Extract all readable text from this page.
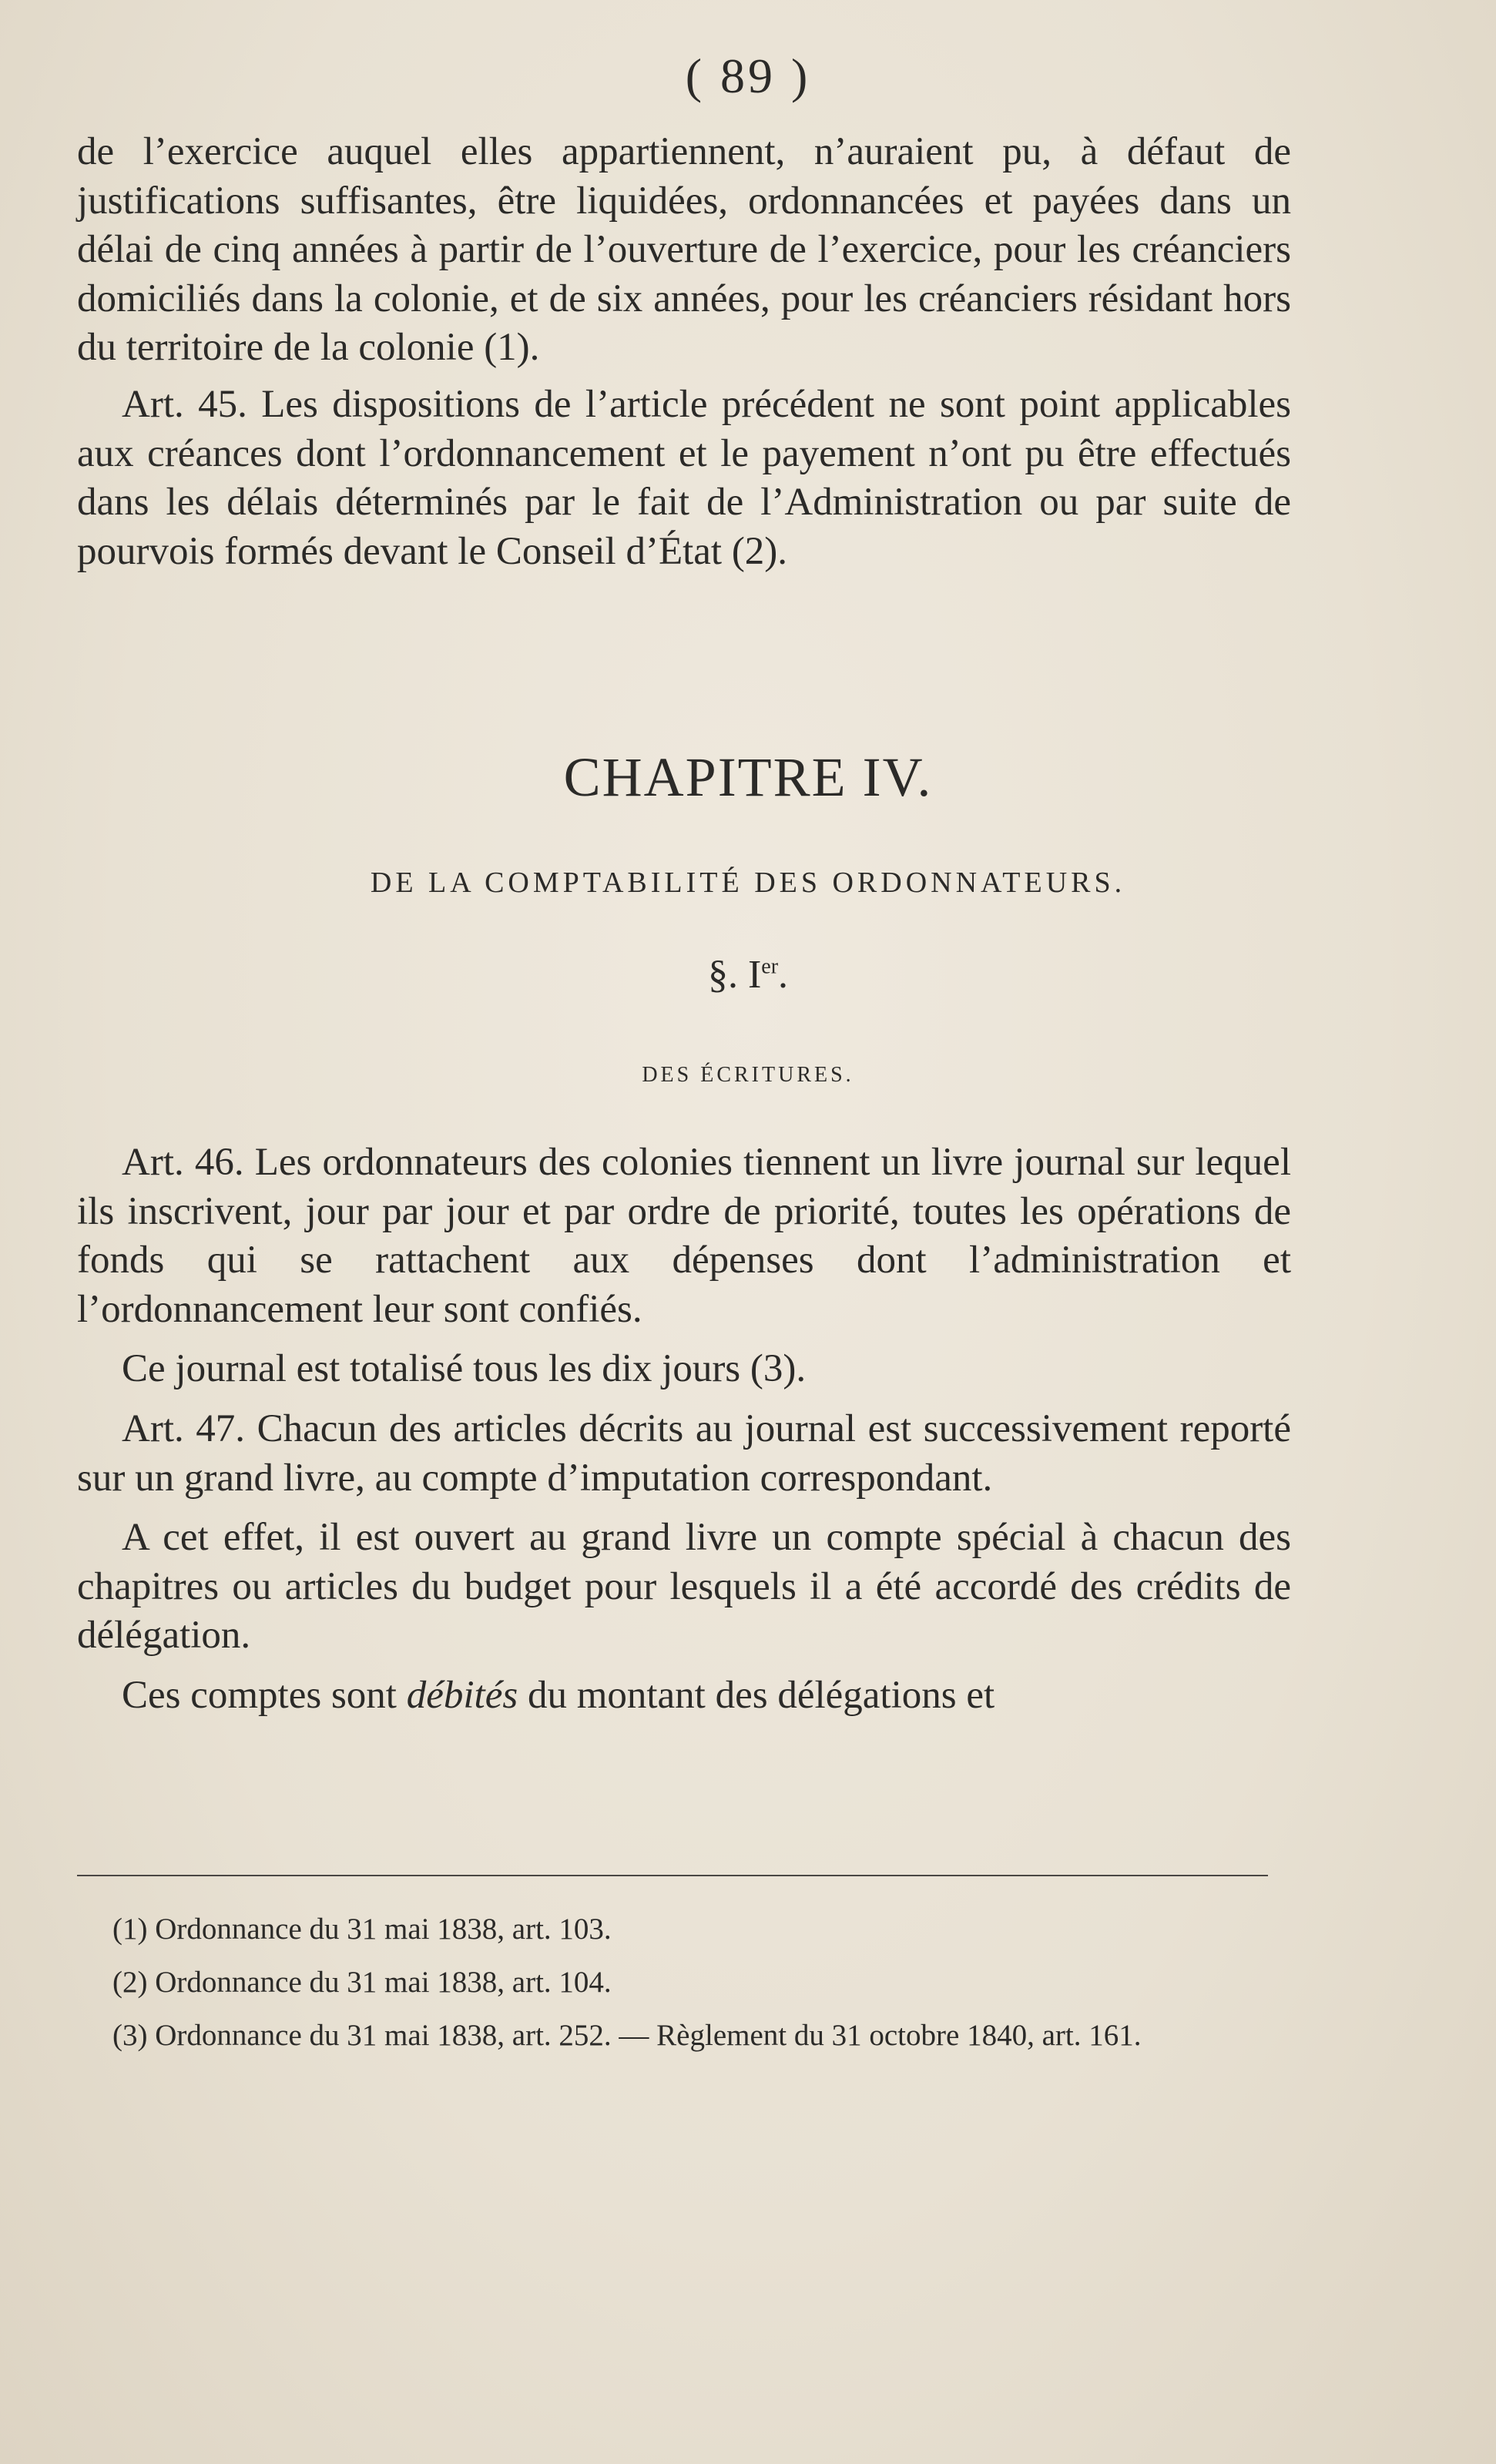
( 89 )

de l’exercice auquel elles appartiennent, n’auraient pu, à défaut de justifications suffisantes, être liquidées, ordonnancées et payées dans un délai de cinq années à partir de l’ouverture de l’exercice, pour les créanciers domiciliés dans la colonie, et de six années, pour les créanciers résidant hors du territoire de la colonie (1).

Art. 45. Les dispositions de l’article précédent ne sont point applicables aux créances dont l’ordonnancement et le payement n’ont pu être effectués dans les délais déterminés par le fait de l’Administration ou par suite de pourvois formés devant le Conseil d’État (2).

CHAPITRE IV.
DE LA COMPTABILITÉ DES ORDONNATEURS.
§. Ier.
DES ÉCRITURES.

Art. 46. Les ordonnateurs des colonies tiennent un livre journal sur lequel ils inscrivent, jour par jour et par ordre de priorité, toutes les opérations de fonds qui se rattachent aux dépenses dont l’administration et l’ordonnancement leur sont confiés.

Ce journal est totalisé tous les dix jours (3).

Art. 47. Chacun des articles décrits au journal est successivement reporté sur un grand livre, au compte d’imputation correspondant.

A cet effet, il est ouvert au grand livre un compte spécial à chacun des chapitres ou articles du budget pour lesquels il a été accordé des crédits de délégation.

Ces comptes sont débités du montant des délégations et

(1) Ordonnance du 31 mai 1838, art. 103.

(2) Ordonnance du 31 mai 1838, art. 104.

(3) Ordonnance du 31 mai 1838, art. 252. — Règlement du 31 octobre 1840, art. 161.
